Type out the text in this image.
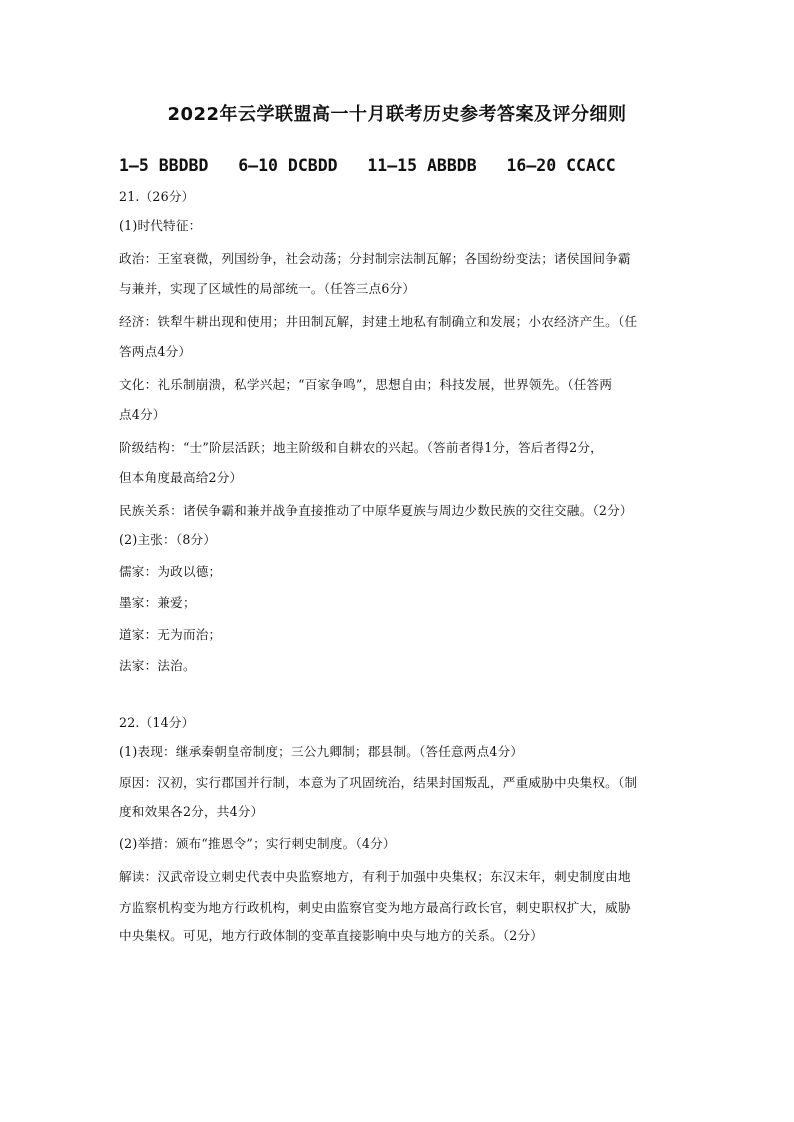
2022年云学联盟高一十月联考历史参考答案及评分细则
1—5 BBDBD 6—10 DCBDD 11—15 ABBDB 16—20 CCACC
21.（26分）
(1)时代特征：
政治：王室衰微，列国纷争，社会动荡；分封制宗法制瓦解；各国纷纷变法；诸侯国间争霸
与兼并，实现了区域性的局部统一。（任答三点6分）
经济：铁犁牛耕出现和使用；井田制瓦解，封建土地私有制确立和发展；小农经济产生。（任
答两点4分）
文化：礼乐制崩溃，私学兴起；“百家争鸣”，思想自由；科技发展，世界领先。（任答两
点4分）
阶级结构：“士”阶层活跃；地主阶级和自耕农的兴起。（答前者得1分，答后者得2分，
但本角度最高给2分）
民族关系：诸侯争霸和兼并战争直接推动了中原华夏族与周边少数民族的交往交融。（2分）
(2)主张：（8分）
儒家：为政以德；
墨家：兼爱；
道家：无为而治；
法家：法治。
22.（14分）
(1)表现：继承秦朝皇帝制度；三公九卿制；郡县制。（答任意两点4分）
原因：汉初，实行郡国并行制，本意为了巩固统治，结果封国叛乱，严重威胁中央集权。（制
度和效果各2分，共4分）
(2)举措：颁布“推恩令”；实行刺史制度。（4分）
解读：汉武帝设立刺史代表中央监察地方，有利于加强中央集权；东汉末年，刺史制度由地
方监察机构变为地方行政机构，刺史由监察官变为地方最高行政长官，刺史职权扩大，威胁
中央集权。可见，地方行政体制的变革直接影响中央与地方的关系。（2分）
